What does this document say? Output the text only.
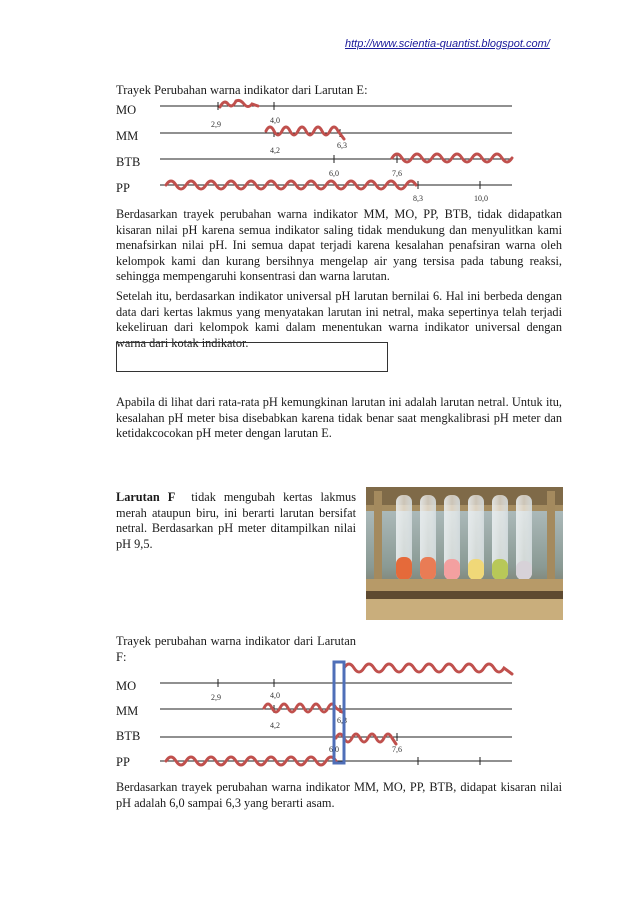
http://www.scientia-quantist.blogspot.com/
Trayek Perubahan warna indikator dari Larutan E:
MO
MM
BTB
PP
2,9	4,0
4,2
6,3
6,0	7,6
8,3	10,0
Berdasarkan trayek perubahan warna indikator MM, MO, PP, BTB, tidak didapatkan kisaran nilai pH karena semua indikator saling tidak mendukung dan menyulitkan kami menafsirkan nilai pH. Ini semua dapat terjadi karena kesalahan penafsiran warna oleh kelompok kami dan kurang bersihnya mengelap air yang tersisa pada tabung reaksi, sehingga mempengaruhi konsentrasi dan warna larutan.
Setelah itu, berdasarkan indikator universal pH larutan bernilai 6. Hal ini berbeda dengan data dari kertas lakmus yang menyatakan larutan ini netral, maka sepertinya telah terjadi kekeliruan dari kelompok kami dalam menentukan warna indikator universal dengan warna dari kotak indikator.
Apabila di lihat dari rata-rata pH kemungkinan larutan ini adalah larutan netral. Untuk itu, kesalahan pH meter bisa disebabkan karena tidak benar saat mengkalibrasi pH meter dan ketidakcocokan pH meter dengan larutan E.
Larutan F tidak mengubah kertas lakmus merah ataupun biru, ini berarti larutan bersifat netral. Berdasarkan pH meter ditampilkan nilai pH 9,5.
Trayek perubahan warna indikator dari Larutan F:
MO
MM
BTB
PP
2,9	4,0
4,2
6,3
6,0	7,6
Berdasarkan trayek perubahan warna indikator MM, MO, PP, BTB, didapat kisaran nilai pH adalah 6,0 sampai 6,3 yang berarti asam.
